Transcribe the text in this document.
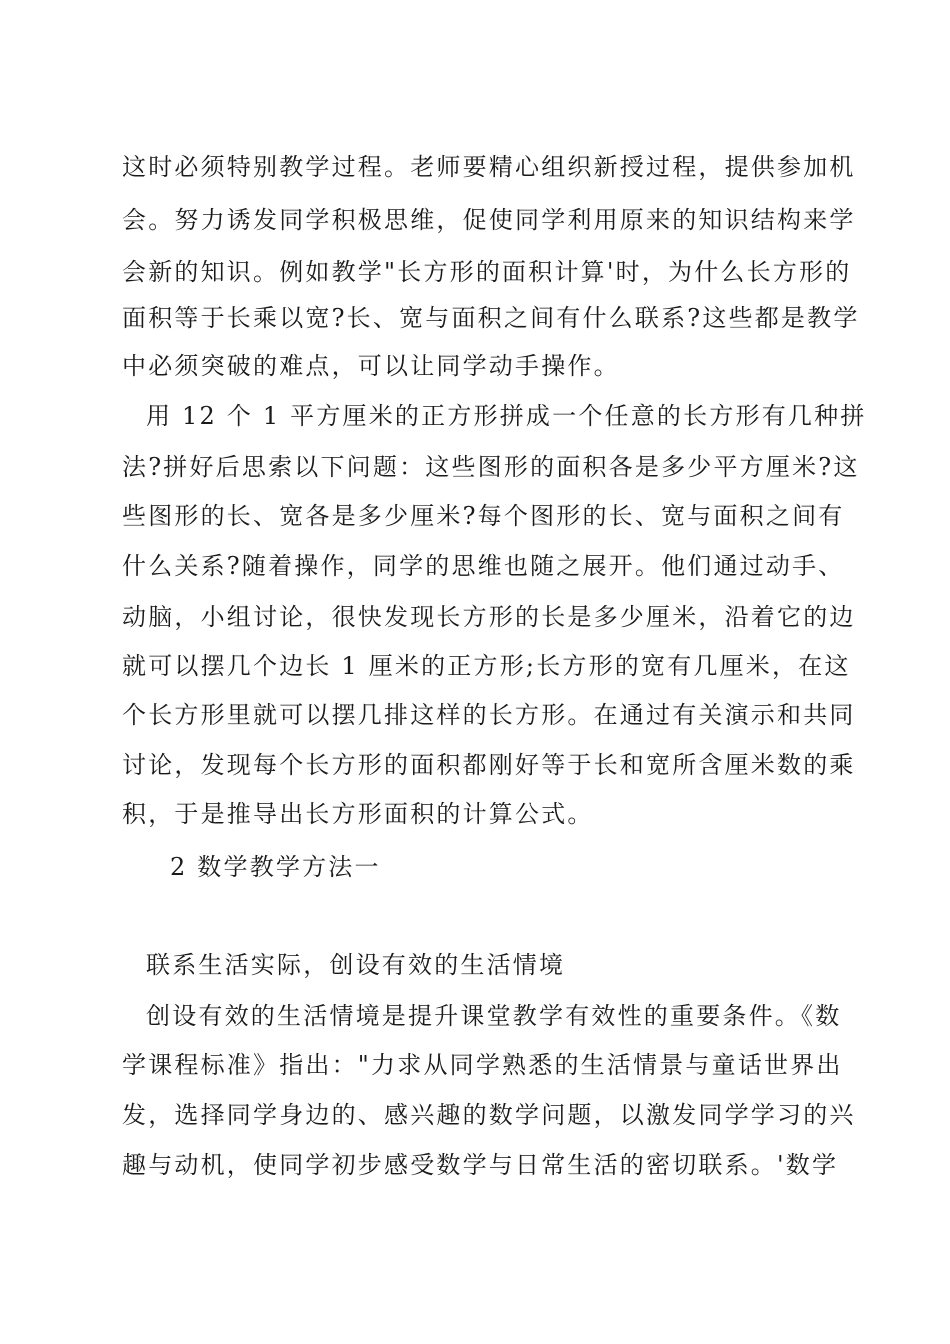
这时必须特别教学过程。老师要精心组织新授过程，提供参加机
会。努力诱发同学积极思维，促使同学利用原来的知识结构来学
会新的知识。例如教学"长方形的面积计算'时，为什么长方形的
面积等于长乘以宽?长、宽与面积之间有什么联系?这些都是教学
中必须突破的难点，可以让同学动手操作。
用 12 个 1 平方厘米的正方形拼成一个任意的长方形有几种拼
法?拼好后思索以下问题：这些图形的面积各是多少平方厘米?这
些图形的长、宽各是多少厘米?每个图形的长、宽与面积之间有
什么关系?随着操作，同学的思维也随之展开。他们通过动手、
动脑，小组讨论，很快发现长方形的长是多少厘米，沿着它的边
就可以摆几个边长 1 厘米的正方形;长方形的宽有几厘米，在这
个长方形里就可以摆几排这样的长方形。在通过有关演示和共同
讨论，发现每个长方形的面积都刚好等于长和宽所含厘米数的乘
积，于是推导出长方形面积的计算公式。
2 数学教学方法一
联系生活实际，创设有效的生活情境
创设有效的生活情境是提升课堂教学有效性的重要条件。《数
学课程标准》指出："力求从同学熟悉的生活情景与童话世界出
发，选择同学身边的、感兴趣的数学问题，以激发同学学习的兴
趣与动机，使同学初步感受数学与日常生活的密切联系。'数学
